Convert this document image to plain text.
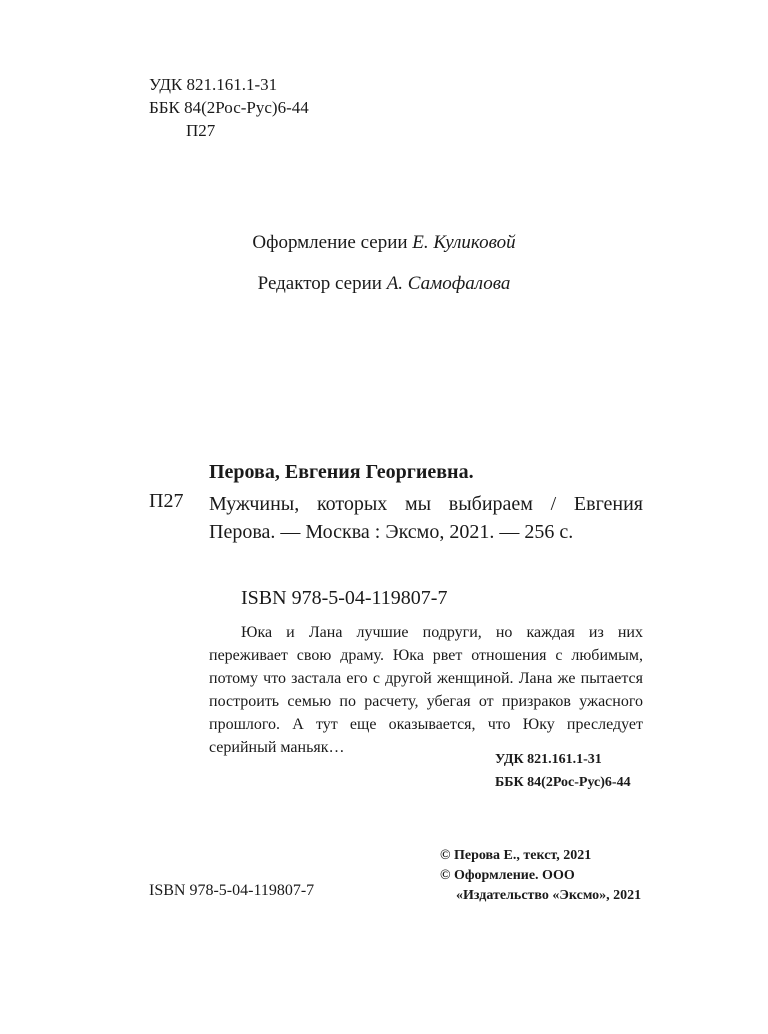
УДК 821.161.1-31
ББК 84(2Рос-Рус)6-44
П27
Оформление серии Е. Куликовой
Редактор серии А. Самофалова
Перова, Евгения Георгиевна.
П27 Мужчины, которых мы выбираем / Евгения Перова. — Москва : Эксмо, 2021. — 256 с.
ISBN 978-5-04-119807-7
Юка и Лана лучшие подруги, но каждая из них переживает свою драму. Юка рвет отношения с любимым, потому что застала его с другой женщиной. Лана же пытается построить семью по расчету, убегая от призраков ужасного прошлого. А тут еще оказывается, что Юку преследует серийный маньяк…
УДК 821.161.1-31
ББК 84(2Рос-Рус)6-44
ISBN 978-5-04-119807-7
© Перова Е., текст, 2021
© Оформление. ООО
«Издательство «Эксмо», 2021
